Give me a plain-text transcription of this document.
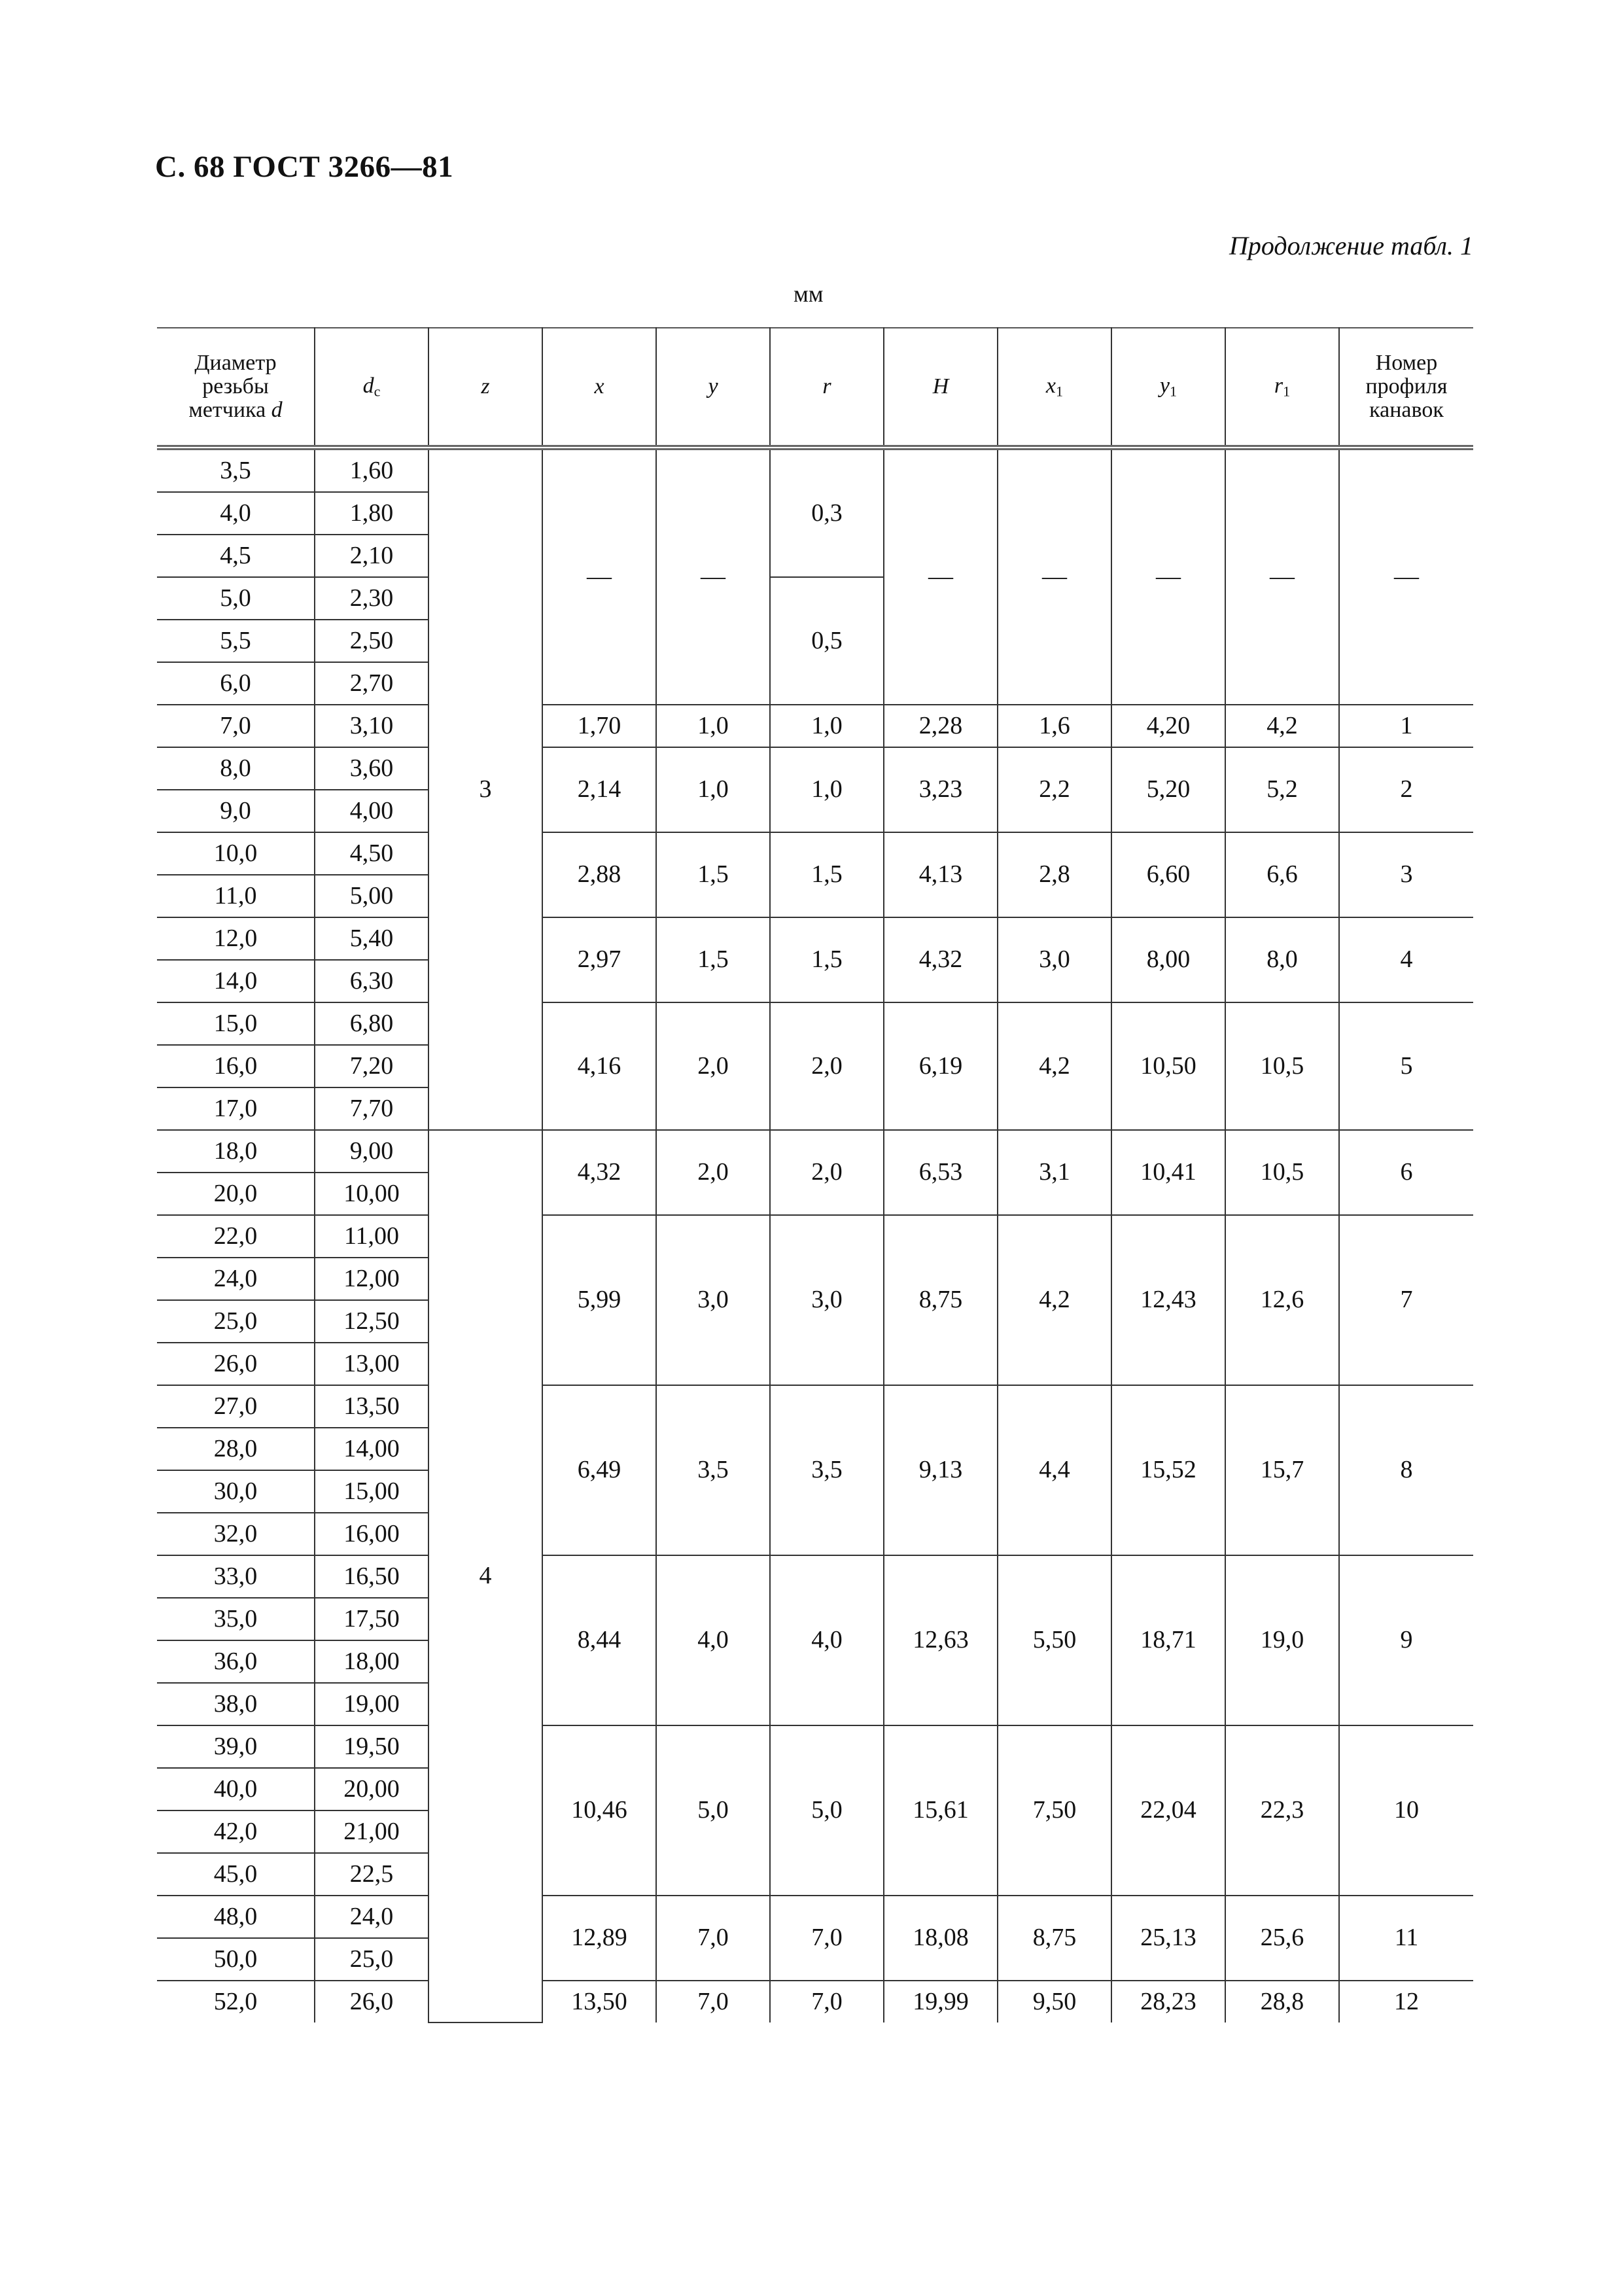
С. 68 ГОСТ 3266—81
Продолжение табл. 1
мм
Диаметр
резьбы
метчика d	$d_c$	z	x	y	r	H	$x_1$	$y_1$	$r_1$	Номер
профиля
канавок
3,5	1,60	3	—	—	0,3	—	—	—	—	—
4,0	1,80									
4,5	2,10									
5,0	2,30				0,5					
5,5	2,50									
6,0	2,70									
7,0	3,10		1,70	1,0	1,0	2,28	1,6	4,20	4,2	1
8,0	3,60		2,14	1,0	1,0	3,23	2,2	5,20	5,2	2
9,0	4,00									
10,0	4,50		2,88	1,5	1,5	4,13	2,8	6,60	6,6	3
11,0	5,00									
12,0	5,40		2,97	1,5	1,5	4,32	3,0	8,00	8,0	4
14,0	6,30									
15,0	6,80		4,16	2,0	2,0	6,19	4,2	10,50	10,5	5
16,0	7,20									
17,0	7,70									
18,0	9,00	4	4,32	2,0	2,0	6,53	3,1	10,41	10,5	6
20,0	10,00									
22,0	11,00		5,99	3,0	3,0	8,75	4,2	12,43	12,6	7
24,0	12,00									
25,0	12,50									
26,0	13,00									
27,0	13,50		6,49	3,5	3,5	9,13	4,4	15,52	15,7	8
28,0	14,00									
30,0	15,00									
32,0	16,00									
33,0	16,50		8,44	4,0	4,0	12,63	5,50	18,71	19,0	9
35,0	17,50									
36,0	18,00									
38,0	19,00									
39,0	19,50		10,46	5,0	5,0	15,61	7,50	22,04	22,3	10
40,0	20,00									
42,0	21,00									
45,0	22,5									
48,0	24,0		12,89	7,0	7,0	18,08	8,75	25,13	25,6	11
50,0	25,0									
52,0	26,0		13,50	7,0	7,0	19,99	9,50	28,23	28,8	12
